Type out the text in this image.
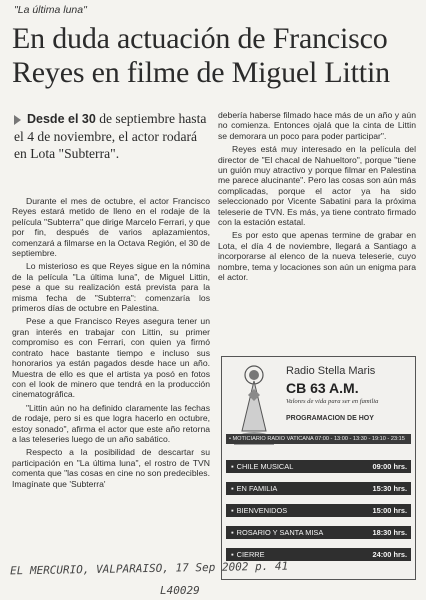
"La última luna"
En duda actuación de Francisco Reyes en filme de Miguel Littin
Desde el 30 de septiembre hasta el 4 de noviembre, el actor rodará en Lota "Subterra".

Durante el mes de octubre, el actor Francisco Reyes estará metido de lleno en el rodaje de la película "Subterra" que dirige Marcelo Ferrari, y que por fin, después de varios aplazamientos, comenzará a filmarse en la Octava Región, el 30 de septiembre.

Lo misterioso es que Reyes sigue en la nómina de la película "La última luna", de Miguel Littin, pese a que su realización está prevista para la misma fecha de "Subterra": comenzaría los primeros días de octubre en Palestina.

Pese a que Francisco Reyes asegura tener un gran interés en trabajar con Littin, su primer compromiso es con Ferrari, con quien ya firmó contrato hace bastante tiempo e incluso sus honorarios ya están pagados desde hace un año. Muestra de ello es que el artista ya posó en fotos con el look de minero que tendrá en la producción cinematográfica.

"Littin aún no ha definido claramente las fechas de rodaje, pero si es que logra hacerlo en octubre, estoy sonado", afirma el actor que este año retorna a las teleseries luego de un año sabático.

Respecto a la posibilidad de descartar su participación en "La última luna", el rostro de TVN comenta que "las cosas en cine no son predecibles. Imagínate que 'Subterra'

debería haberse filmado hace más de un año y aún no comienza. Entonces ojalá que la cinta de Littin se demorara un poco para poder participar".

Reyes está muy interesado en la película del director de "El chacal de Nahueltoro", porque "tiene un guión muy atractivo y porque filmar en Palestina me parece alucinante". Pero las cosas son aún más complicadas, porque el actor ya ha sido seleccionado por Vicente Sabatini para la próxima teleserie de TVN. Es más, ya tiene contrato firmado con la estación estatal.

Es por esto que apenas termine de grabar en Lota, el día 4 de noviembre, llegará a Santiago a incorporarse al elenco de la nueva teleserie, cuyo nombre, tema y locaciones son aún un enigma para el actor.

Radio Stella Maris
CB 63 A.M.
Valores de vida para ser en familia
PROGRAMACION DE HOY
• MOTICIARIO RADIO VATICANA 07:00 - 13:00 - 13:30 - 19:10 - 23:15
▪ CHILE MUSICAL	09:00 hrs.
▪ EN FAMILIA	15:30 hrs.
▪ BIENVENIDOS	15:00 hrs.
▪ ROSARIO Y SANTA MISA	18:30 hrs.
▪ CIERRE	24:00 hrs.
EL MERCURIO, VALPARAISO, 17 Sep 2002 p. 41
L40029
